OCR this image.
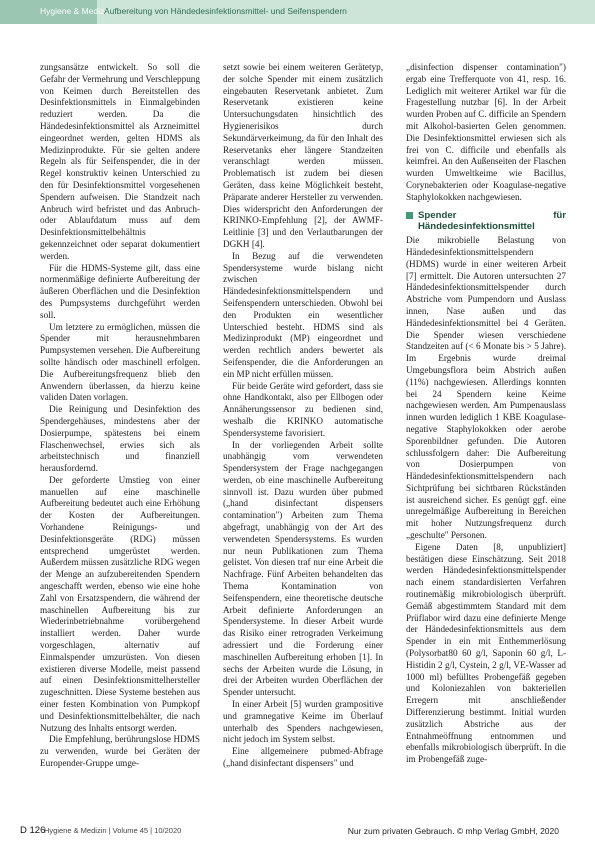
Hygiene & Medizin
Aufbereitung von Händedesinfektionsmittel- und Seifenspendern

zungsansätze entwickelt. So soll die Gefahr der Vermehrung und Verschleppung von Keimen durch Bereitstellen des Desinfektionsmittels in Einmalgebinden reduziert werden. Da die Händedesinfektionsmittel als Arzneimittel eingeordnet werden, gelten HDMS als Medizinprodukte. Für sie gelten andere Regeln als für Seifenspender, die in der Regel konstruktiv keinen Unterschied zu den für Desinfektionsmittel vorgesehenen Spendern aufweisen. Die Standzeit nach Anbruch wird befristet und das Anbruch- oder Ablaufdatum muss auf dem Desinfektionsmittelbehältnis gekennzeichnet oder separat dokumentiert werden.

Für die HDMS-Systeme gilt, dass eine normenmäßige definierte Aufbereitung der äußeren Oberflächen und die Desinfektion des Pumpsystems durchgeführt werden soll.

Um letztere zu ermöglichen, müssen die Spender mit herausnehmbaren Pumpsystemen versehen. Die Aufbereitung sollte händisch oder maschinell erfolgen. Die Aufbereitungsfrequenz blieb den Anwendern überlassen, da hierzu keine validen Daten vorlagen.

Die Reinigung und Desinfektion des Spendergehäuses, mindestens aber der Dosierpumpe, spätestens bei einem Flaschenwechsel, erwies sich als arbeitstechnisch und finanziell herausfordernd.

Der geforderte Umstieg von einer manuellen auf eine maschinelle Aufbereitung bedeutet auch eine Erhöhung der Kosten der Aufbereitungen. Vorhandene Reinigungs- und Desinfektionsgeräte (RDG) müssen entsprechend umgerüstet werden. Außerdem müssen zusätzliche RDG wegen der Menge an aufzubereitenden Spendern angeschafft werden, ebenso wie eine hohe Zahl von Ersatzspendern, die während der maschinellen Aufbereitung bis zur Wiederinbetriebnahme vorübergehend installiert werden. Daher wurde vorgeschlagen, alternativ auf Einmalspender umzurüsten. Von diesen existieren diverse Modelle, meist passend auf einen Desinfektionsmittelhersteller zugeschnitten. Diese Systeme bestehen aus einer festen Kombination von Pumpkopf und Desinfektionsmittelbehälter, die nach Nutzung des Inhalts entsorgt werden.

Die Empfehlung, berührungslose HDMS zu verwenden, wurde bei Geräten der Europender-Gruppe umge-

setzt sowie bei einem weiteren Gerätetyp, der solche Spender mit einem zusätzlich eingebauten Reservetank anbietet. Zum Reservetank existieren keine Untersuchungsdaten hinsichtlich des Hygienerisikos durch Sekundärverkeimung, da für den Inhalt des Reservetanks eher längere Standzeiten veranschlagt werden müssen. Problematisch ist zudem bei diesen Geräten, dass keine Möglichkeit besteht, Präparate anderer Hersteller zu verwenden. Dies widerspricht den Anforderungen der KRINKO-Empfehlung [2], der AWMF-Leitlinie [3] und den Verlautbarungen der DGKH [4].

In Bezug auf die verwendeten Spendersysteme wurde bislang nicht zwischen Händedesinfektionsmittelspendern und Seifenspendern unterschieden. Obwohl bei den Produkten ein wesentlicher Unterschied besteht. HDMS sind als Medizinprodukt (MP) eingeordnet und werden rechtlich anders bewertet als Seifenspender, die die Anforderungen an ein MP nicht erfüllen müssen.

Für beide Geräte wird gefordert, dass sie ohne Handkontakt, also per Ellbogen oder Annäherungssensor zu bedienen sind, weshalb die KRINKO automatische Spendersysteme favorisiert.

In der vorliegenden Arbeit sollte unabhängig vom verwendeten Spendersystem der Frage nachgegangen werden, ob eine maschinelle Aufbereitung sinnvoll ist. Dazu wurden über pubmed („hand disinfectant dispensers contamination") Arbeiten zum Thema abgefragt, unabhängig von der Art des verwendeten Spendersystems. Es wurden nur neun Publikationen zum Thema gelistet. Von diesen traf nur eine Arbeit die Nachfrage. Fünf Arbeiten behandelten das Thema Kontamination von Seifenspendern, eine theoretische deutsche Arbeit definierte Anforderungen an Spendersysteme. In dieser Arbeit wurde das Risiko einer retrograden Verkeimung adressiert und die Forderung einer maschinellen Aufbereitung erhoben [1]. In sechs der Arbeiten wurde die Lösung, in drei der Arbeiten wurden Oberflächen der Spender untersucht.

In einer Arbeit [5] wurden grampositive und gramnegative Keime im Überlauf unterhalb des Spenders nachgewiesen, nicht jedoch im System selbst.

Eine allgemeinere pubmed-Abfrage („hand disinfectant dispensers" und

„disinfection dispenser contamination") ergab eine Trefferquote von 41, resp. 16. Lediglich mit weiterer Artikel war für die Fragestellung nutzbar [6]. In der Arbeit wurden Proben auf C. difficile an Spendern mit Alkohol-basierten Gelen genommen. Die Desinfektionsmittel erwiesen sich als frei von C. difficile und ebenfalls als keimfrei. An den Außenseiten der Flaschen wurden Umweltkeime wie Bacillus, Corynebakterien oder Koagulase-negative Staphylokokken nachgewiesen.

Spender für Händedesinfektionsmittel

Die mikrobielle Belastung von Händedesinfektionsmittelspendern (HDMS) wurde in einer weiteren Arbeit [7] ermittelt. Die Autoren untersuchten 27 Händedesinfektionsmittelspender durch Abstriche vom Pumpendorn und Auslass innen, Nase außen und das Händedesinfektionsmittel bei 4 Geräten. Die Spender wiesen verschiedene Standzeiten auf (< 6 Monate bis > 5 Jahre). Im Ergebnis wurde dreimal Umgebungsflora beim Abstrich außen (11%) nachgewiesen. Allerdings konnten bei 24 Spendern keine Keime nachgewiesen werden. Am Pumpenauslass innen wurden lediglich 1 KBE Koagulase-negative Staphylokokken oder aerobe Sporenbildner gefunden. Die Autoren schlussfolgern daher: Die Aufbereitung von Dosierpumpen von Händedesinfektionsmittelspendern nach Sichtprüfung bei sichtbaren Rückständen ist ausreichend sicher. Es genügt ggf. eine unregelmäßige Aufbereitung in Bereichen mit hoher Nutzungsfrequenz durch „geschulte" Personen.

Eigene Daten [8, unpubliziert] bestätigen diese Einschätzung. Seit 2018 werden Händedesinfektionsmittelspender nach einem standardisierten Verfahren routinemäßig mikrobiologisch überprüft. Gemäß abgestimmtem Standard mit dem Prüflabor wird dazu eine definierte Menge der Händedesinfektionsmittels aus dem Spender in ein mit Enthemmerlösung (Polysorbat80 60 g/l, Saponin 60 g/l, L-Histidin 2 g/l, Cystein, 2 g/l, VE-Wasser ad 1000 ml) befülltes Probengefäß gegeben und Koloniezahlen von bakteriellen Erregern mit anschließender Differenzierung bestimmt. Initial wurden zusätzlich Abstriche aus der Entnahmeöffnung entnommen und ebenfalls mikrobiologisch überprüft. In die im Probengefäß zuge-

D 126
Hygiene & Medizin | Volume 45 | 10/2020	Nur zum privaten Gebrauch. © mhp Verlag GmbH, 2020
